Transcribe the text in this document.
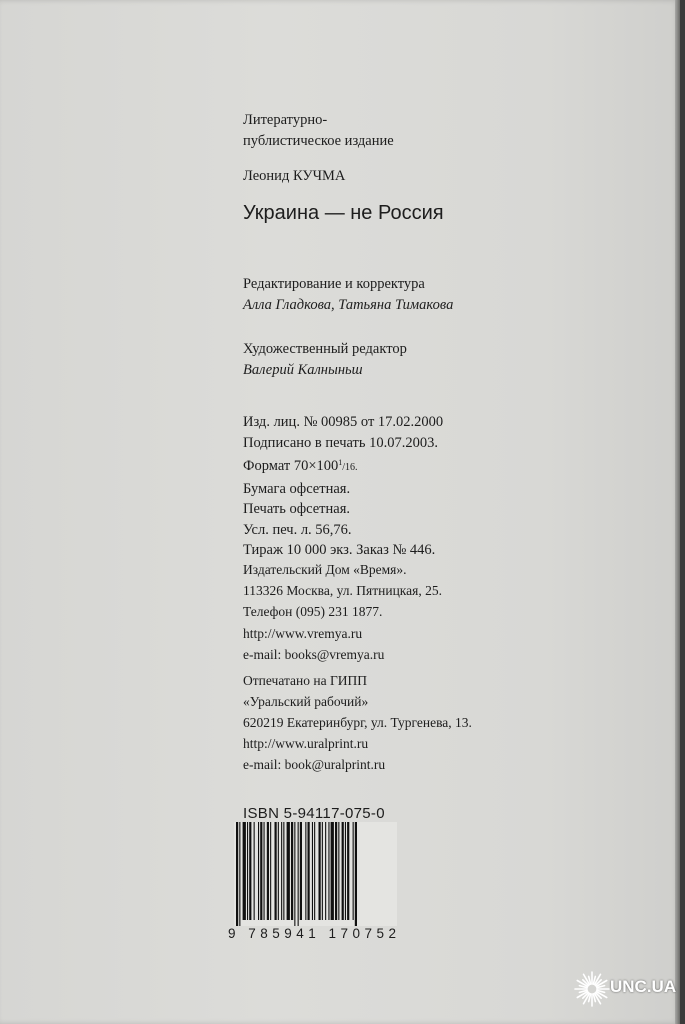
Литературно-
публистическое издание
Леонид КУЧМА
Украина — не Россия
Редактирование и корректура
Алла Гладкова, Татьяна Тимакова
Художественный редактор
Валерий Калныньш
Изд. лиц. № 00985 от 17.02.2000
Подписано в печать 10.07.2003.
Формат $70\times 100^1/16$.
Бумага офсетная.
Печать офсетная.
Усл. печ. л. 56,76.
Тираж 10 000 экз. Заказ № 446.
Издательский Дом «Время».
113326 Москва, ул. Пятницкая, 25.
Телефон (095) 231 1877.
http://www.vremya.ru
e-mail: books@vremya.ru
Отпечатано на ГИПП
«Уральский рабочий»
620219 Екатеринбург, ул. Тургенева, 13.
http://www.uralprint.ru
e-mail: book@uralprint.ru
ISBN 5-94117-075-0
9 785941 170752
UNC.UA
